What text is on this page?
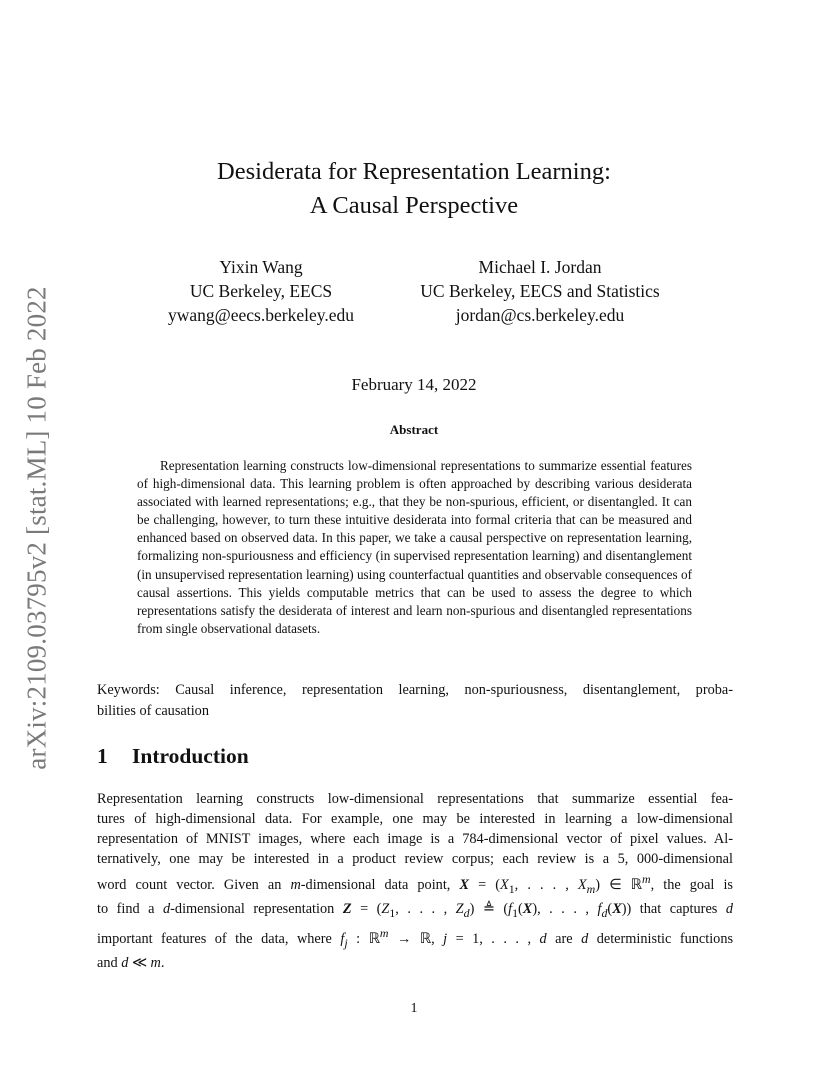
arXiv:2109.03795v2 [stat.ML] 10 Feb 2022
Desiderata for Representation Learning:
A Causal Perspective
Yixin Wang
UC Berkeley, EECS
ywang@eecs.berkeley.edu
Michael I. Jordan
UC Berkeley, EECS and Statistics
jordan@cs.berkeley.edu
February 14, 2022
Abstract
Representation learning constructs low-dimensional representations to summarize essential features of high-dimensional data. This learning problem is often approached by describing various desiderata associated with learned representations; e.g., that they be non-spurious, efficient, or disentangled. It can be challenging, however, to turn these intuitive desiderata into formal criteria that can be measured and enhanced based on observed data. In this paper, we take a causal perspective on representation learning, formalizing non-spuriousness and efficiency (in supervised representation learning) and disentanglement (in unsupervised representation learning) using counterfactual quantities and observable consequences of causal assertions. This yields computable metrics that can be used to assess the degree to which representations satisfy the desiderata of interest and learn non-spurious and disentangled representations from single observational datasets.
Keywords: Causal inference, representation learning, non-spuriousness, disentanglement, proba-
bilities of causation
1 Introduction
Representation learning constructs low-dimensional representations that summarize essential fea-
tures of high-dimensional data. For example, one may be interested in learning a low-dimensional
representation of MNIST images, where each image is a 784-dimensional vector of pixel values. Al-
ternatively, one may be interested in a product review corpus; each review is a 5, 000-dimensional
word count vector. Given an m-dimensional data point, $X = (X_1$, . . . , $X_m$) ∈ ℝ$^m$, the goal is
to find a d-dimensional representation $Z = (Z_1$, . . . , $Z_d$) ≜ ($f_1(X)$, . . . , $f_d(X)$) that captures d
important features of the data, where $f_j$ : ℝ$^m$ → ℝ, j = 1, . . . , d are d deterministic functions
and d ≪ m.
1
